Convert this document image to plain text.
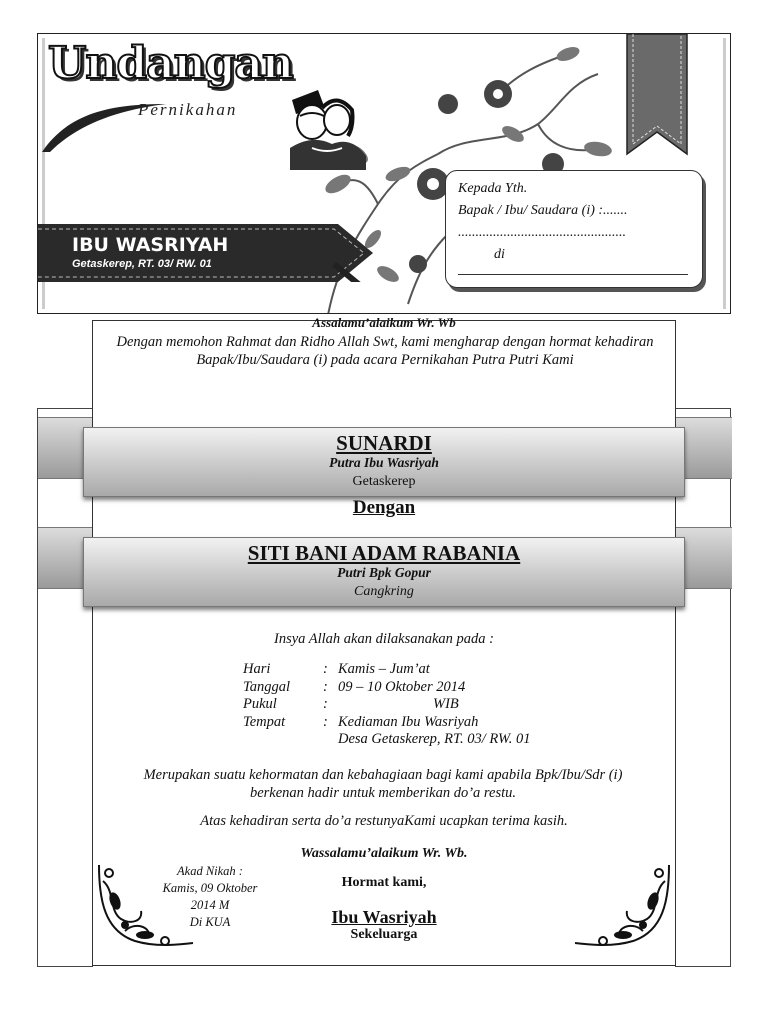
Undangan
Pernikahan
IBU WASRIYAH
Getaskerep, RT. 03/ RW. 01
Kepada Yth.
Bapak / Ibu/ Saudara (i) :.......
................................................
di
Assalamu’alaikum Wr. Wb
Dengan memohon Rahmat dan Ridho Allah Swt, kami mengharap dengan hormat kehadiran Bapak/Ibu/Saudara (i) pada acara Pernikahan Putra Putri Kami
Insya Allah akan dilaksanakan pada :
Hari	: Kamis – Jum’at
Tanggal : 09 – 10 Oktober 2014
Pukul	:	WIB
Tempat	: Kediaman Ibu Wasriyah
Desa Getaskerep, RT. 03/ RW. 01
Merupakan suatu kehormatan dan kebahagiaan bagi kami apabila Bpk/Ibu/Sdr (i) berkenan hadir untuk memberikan do’a restu.
Atas kehadiran serta do’a restunyaKami ucapkan terima kasih.
Wassalamu’alaikum Wr. Wb.
Akad Nikah :
Kamis, 09 Oktober
2014 M
Di KUA
Hormat kami,
Ibu Wasriyah
Sekeluarga
SUNARDI
Putra Ibu Wasriyah
Getaskerep
Dengan
SITI BANI ADAM RABANIA
Putri Bpk Gopur
Cangkring
